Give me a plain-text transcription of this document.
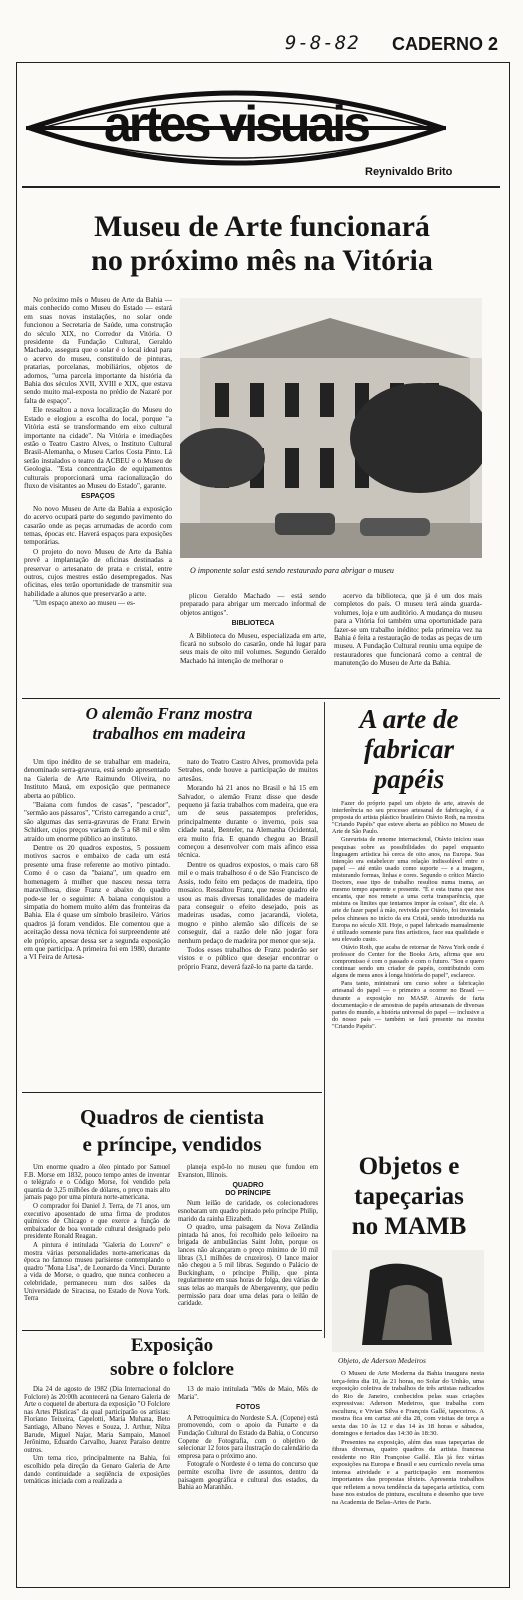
9-8-82 CADERNO 2
artes visuais
Reynivaldo Brito
Museu de Arte funcionará
no próximo mês na Vitória

No próximo mês o Museu de Arte da Bahia — mais conhecido como Museu do Estado — estará em suas novas instalações, no solar onde funcionou a Secretaria de Saúde, uma construção do século XIX, no Corredor da Vitória. O presidente da Fundação Cultural, Geraldo Machado, assegura que o solar é o local ideal para o acervo do museu, constituído de pinturas, pratarias, porcelanas, mobiliários, objetos de adornos, "uma parcela importante da história da Bahia dos séculos XVII, XVIII e XIX, que estava sendo muito mal-exposta no prédio de Nazaré por falta de espaço".

Ele ressaltou a nova localização do Museu do Estado e elogiou a escolha do local, porque "a Vitória está se transformando em eixo cultural importante na cidade". Na Vitória e imediações estão o Teatro Castro Alves, o Instituto Cultural Brasil-Alemanha, o Museu Carlos Costa Pinto. Lá serão instalados o teatro da ACBEU e o Museu de Geologia. "Esta concentração de equipamentos culturais proporcionará uma racionalização do fluxo de visitantes ao Museu do Estado", garante.

ESPAÇOS

No novo Museu de Arte da Bahia a exposição do acervo ocupará parte do segundo pavimento do casarão onde as peças arrumadas de acordo com temas, épocas etc. Haverá espaços para exposições temporárias.

O projeto do novo Museu de Arte da Bahia prevê a implantação de oficinas destinadas a preservar o artesanato de prata e cristal, entre outros, cujos mestres estão desempregados. Nas oficinas, eles terão oportunidade de transmitir sua habilidade a alunos que preservarão a arte.

"Um espaço anexo ao museu — es-

O imponente solar está sendo restaurado para abrigar o museu

plicou Geraldo Machado — está sendo preparado para abrigar um mercado informal de objetos antigos".

BIBLIOTECA

A Biblioteca do Museu, especializada em arte, ficará no subsolo do casarão, onde há lugar para seus mais de oito mil volumes. Segundo Geraldo Machado há intenção de melhorar o

acervo da biblioteca, que já é um dos mais completos do país. O museu terá ainda guarda-volumes, loja e um auditório. A mudança do museu para a Vitória foi também uma oportunidade para fazer-se um trabalho inédito: pela primeira vez na Bahia é feita a restauração de todas as peças de um museu. A Fundação Cultural reuniu uma equipe de restauradores que funcionará como a central de manutenção do Museu de Arte da Bahia.

O alemão Franz mostra
trabalhos em madeira

Um tipo inédito de se trabalhar em madeira, denominado serra-gravura, está sendo apresentado na Galeria de Arte Raimundo Oliveira, no Instituto Mauá, em exposição que permanece aberta ao público.

"Baiana com fundos de casas", "pescador", "sermão aos pássaros", "Cristo carregando a cruz", são algumas das serra-gravuras de Franz Erwin Schitker, cujos preços variam de 5 a 68 mil e têm atraído um enorme público ao instituto.

Dentre os 20 quadros expostos, 5 possuem motivos sacros e embaixo de cada um está presente uma frase referente ao motivo pintado. Como é o caso da "baiana", um quadro em homenagem à mulher que nasceu nessa terra maravilhosa, disse Franz e abaixo do quadro pode-se ler o seguinte: A baiana conquistou a simpatia do homem muito além das fronteiras da Bahia. Ela é quase um símbolo brasileiro. Vários quadros já foram vendidos. Ele comentou que a aceitação dessa nova técnica foi surpreendente até ele próprio, apesar dessa ser a segunda exposição em que participa. A primeira foi em 1980, durante a VI Feira de Artesa-

nato do Teatro Castro Alves, promovida pela Setrabes, onde houve a participação de muitos artesãos.

Morando há 21 anos no Brasil e há 15 em Salvador, o alemão Franz disse que desde pequeno já fazia trabalhos com madeira, que era um de seus passatempos preferidos, principalmente durante o inverno, pois sua cidade natal, Benteler, na Alemanha Ocidental, era muito fria. E quando chegou ao Brasil começou a desenvolver com mais afinco essa técnica.

Dentre os quadros expostos, o mais caro 68 mil e o mais trabalhoso é o de São Francisco de Assis, todo feito em pedaços de madeira, tipo mosaico. Ressaltou Franz, que nesse quadro ele usou as mais diversas tonalidades de madeira para conseguir o efeito desejado, pois as madeiras usadas, como jacarandá, violeta, mogno e pinho alemão são difíceis de se conseguir, daí a razão dele não jogar fora nenhum pedaço de madeira por menor que seja.

Todos esses trabalhos de Franz poderão ser vistos e o público que desejar encontrar o próprio Franz, deverá fazê-lo na parte da tarde.

A arte de
fabricar
papéis

Fazer do próprio papel um objeto de arte, através de interferência no seu processo artesanal de fabricação, é a proposta do artista plástico brasileiro Otávio Roth, na mostra "Criando Papéis" que esteve aberta ao público no Museu de Arte de São Paulo.

Gravurista de renome internacional, Otávio iniciou suas pesquisas sobre as possibilidades do papel enquanto linguagem artística há cerca de oito anos, na Europa. Sua intenção era estabelecer uma relação indissolúvel entre o papel — até então usado como suporte — e a imagem, misturando formas, linhas e cores. Segundo o crítico Márcio Doctors, esse tipo de trabalho resultou numa trama, ao mesmo tempo aparente e presente. "É e esta trama que nos encanta, que nos remete a uma certa transparência, que mistura os limites que tentamos impor às coisas", diz ele. A arte de fazer papel à mão, revivida por Otávio, foi inventada pelos chineses no início da era Cristã, sendo introduzida na Europa no século XII. Hoje, o papel fabricado manualmente é utilizado somente para fins artísticos, face sua qualidade e seu elevado custo.

Otávio Roth, que acaba de retornar de Nova York onde é professor do Center for the Books Arts, afirma que seu compromisso é com o passado e com o futuro. "Sou e quero continuar sendo um criador de papéis, contribuindo com alguns de meus anos à longa história do papel", esclarece.

Para tanto, ministrará um curso sobre a fabricação artesanal do papel — o primeiro a ocorrer no Brasil — durante a exposição no MASP. Através de farta documentação e de amostras de papéis artesanais de diversas partes do mundo, a história universal do papel — inclusive a do nosso país — também se fará presente na mostra "Criando Papéis".

Quadros de cientista
e príncipe, vendidos

Um enorme quadro a óleo pintado por Samuel F.B. Morse em 1832, pouco tempo antes de inventar o telégrafo e o Código Morse, foi vendido pela quantia de 3,25 milhões de dólares, o preço mais alto jamais pago por uma pintura norte-americana.

O comprador foi Daniel J. Terra, de 71 anos, um executivo aposentado de uma firma de produtos químicos de Chicago e que exerce a função de embaixador de boa vontade cultural designado pelo presidente Ronald Reagan.

A pintura é intitulada "Galeria do Louvre" e mostra várias personalidades norte-americanas da época no famoso museu parisiense contemplando o quadro "Mona Lisa", de Leonardo da Vinci. Durante a vida de Morse, o quadro, que nunca conheceu a celebridade, permaneceu num dos salões da Universidade de Siracusa, no Estado de Nova York. Terra

planeja expô-lo no museu que fundou em Evanston, Illinois.

QUADRO
DO PRÍNCIPE

Num leilão de caridade, os colecionadores esnobaram um quadro pintado pelo príncipe Philip, marido da rainha Elizabeth.

O quadro, uma paisagem da Nova Zelândia pintada há anos, foi recolhido pelo leiloeiro na brigada de ambulâncias Saint John, porque os lances não alcançaram o preço mínimo de 10 mil libras (3,1 milhões de cruzeiros). O lance maior não chegou a 5 mil libras. Segundo o Palácio de Buckingham, o príncipe Philip, que pinta regularmente em suas horas de folga, deu várias de suas telas ao marquês de Abergavenny, que pediu permissão para doar uma delas para o leilão de caridade.

Objetos e
tapeçarias
no MAMB
Objeto, de Aderson Medeiros

O Museu de Arte Moderna da Bahia inaugura nesta terça-feira dia 10, às 21 horas, no Solar do Unhão, uma exposição coletiva de trabalhos de três artistas radicados do Rio de Janeiro, conhecidos pelas suas criações expressivas: Aderson Medeiros, que trabalha com escultura, e Vivian Silva e François Gallé, tapeceiros. A mostra fica em cartaz até dia 28, com visitas de terça a sexta das 10 às 12 e das 14 às 18 horas e sábados, domingos e feriados das 14:30 às 18:30.

Presentes na exposição, além das suas tapeçarias de fibras diversas, quatro quadros da artista francesa residente no Rio Françoise Gallé. Ela já fez várias exposições na Europa e Brasil e seu currículo revela uma intensa atividade e a participação em momentos importantes das propostas têxteis. Apresenta trabalhos que refletem a nova tendência da tapeçaria artística, com base nos estudos de pintura, escultura e desenho que teve na Academia de Belas-Artes de Paris.

Exposição
sobre o folclore

Dia 24 de agosto de 1982 (Dia Internacional do Folclore) às 20:00h acontecerá na Genaro Galeria de Arte o coquetel de abertura da exposição "O Folclore nas Artes Plásticas" da qual participarão os artistas: Floriano Teixeira, Capelotti, Maria Muhana, Beto Santiago, Albano Neves e Souza, J. Arthur, Nilza Barude, Miguel Najar, Maria Sampaio, Manoel Jerônimo, Eduardo Carvalho, Juarez Paraíso dentre outros.

Um tema rico, principalmente na Bahia, foi escolhido pela direção da Genaro Galeria de Arte dando continuidade a seqüência de exposições temáticas iniciada com a realizada a

13 de maio intitulada "Mês de Maio, Mês de Maria".

FOTOS

A Petroquímica do Nordeste S.A. (Copene) está promovendo, com o apoio da Funarte e da Fundação Cultural do Estado da Bahia, o Concurso Copene de Fotografia, com o objetivo de selecionar 12 fotos para ilustração do calendário da empresa para o próximo ano.

Fotografe o Nordeste é o tema do concurso que permite escolha livre de assuntos, dentro da paisagem geográfica e cultural dos estados, da Bahia ao Maranhão.
